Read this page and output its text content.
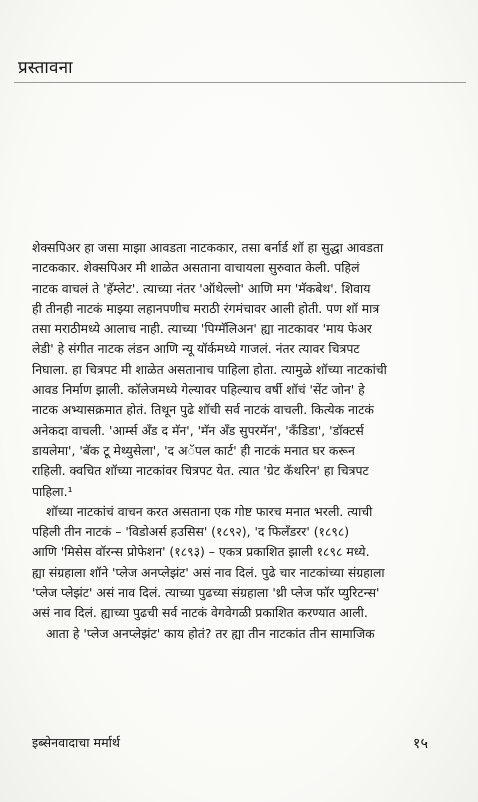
प्रस्तावना
शेक्सपिअर हा जसा माझा आवडता नाटककार, तसा बर्नार्ड शॉ हा सुद्धा आवडता
नाटककार. शेक्सपिअर मी शाळेत असताना वाचायला सुरुवात केली. पहिलं
नाटक वाचलं ते 'हॅम्लेट'. त्याच्या नंतर 'ऑथेल्लो' आणि मग 'मॅकबेथ'. शिवाय
ही तीनही नाटकं माझ्या लहानपणीच मराठी रंगमंचावर आली होती. पण शॉ मात्र
तसा मराठीमध्ये आलाच नाही. त्याच्या 'पिग्मॅलिअन' ह्या नाटकावर 'माय फेअर
लेडी' हे संगीत नाटक लंडन आणि न्यू यॉर्कमध्ये गाजलं. नंतर त्यावर चित्रपट
निघाला. हा चित्रपट मी शाळेत असतानाच पाहिला होता. त्यामुळे शॉच्या नाटकांची
आवड निर्माण झाली. कॉलेजमध्ये गेल्यावर पहिल्याच वर्षी शॉचं 'सेंट जोन' हे
नाटक अभ्यासक्रमात होतं. तिथून पुढे शॉची सर्व नाटकं वाचली. कित्येक नाटकं
अनेकदा वाचली. 'आर्म्स अँड द मॅन', 'मॅन अँड सुपरमॅन', 'कँडिडा', 'डॉक्टर्स
डायलेमा', 'बॅक टू मेथ्युसेला', 'द अॅपल कार्ट' ही नाटकं मनात घर करून
राहिली. क्वचित शॉच्या नाटकांवर चित्रपट येत. त्यात 'ग्रेट कॅथरिन' हा चित्रपट
पाहिला.¹
शॉच्या नाटकांचं वाचन करत असताना एक गोष्ट फारच मनात भरली. त्याची
पहिली तीन नाटकं – 'विडोअर्स हउसिस' (१८९२), 'द फिलँडरर' (१८९८)
आणि 'मिसेस वॉरन्स प्रोफेशन' (१८९३) – एकत्र प्रकाशित झाली १८९८ मध्ये.
ह्या संग्रहाला शॉने 'प्लेज अनप्लेझंट' असं नाव दिलं. पुढे चार नाटकांच्या संग्रहाला
'प्लेज प्लेझंट' असं नाव दिलं. त्याच्या पुढच्या संग्रहाला 'थ्री प्लेज फॉर प्युरिटन्स'
असं नाव दिलं. ह्याच्या पुढची सर्व नाटकं वेगवेगळी प्रकाशित करण्यात आली.
आता हे 'प्लेज अनप्लेझंट' काय होतं? तर ह्या तीन नाटकांत तीन सामाजिक
इब्सेनवादाचा मर्मार्थ	१५
